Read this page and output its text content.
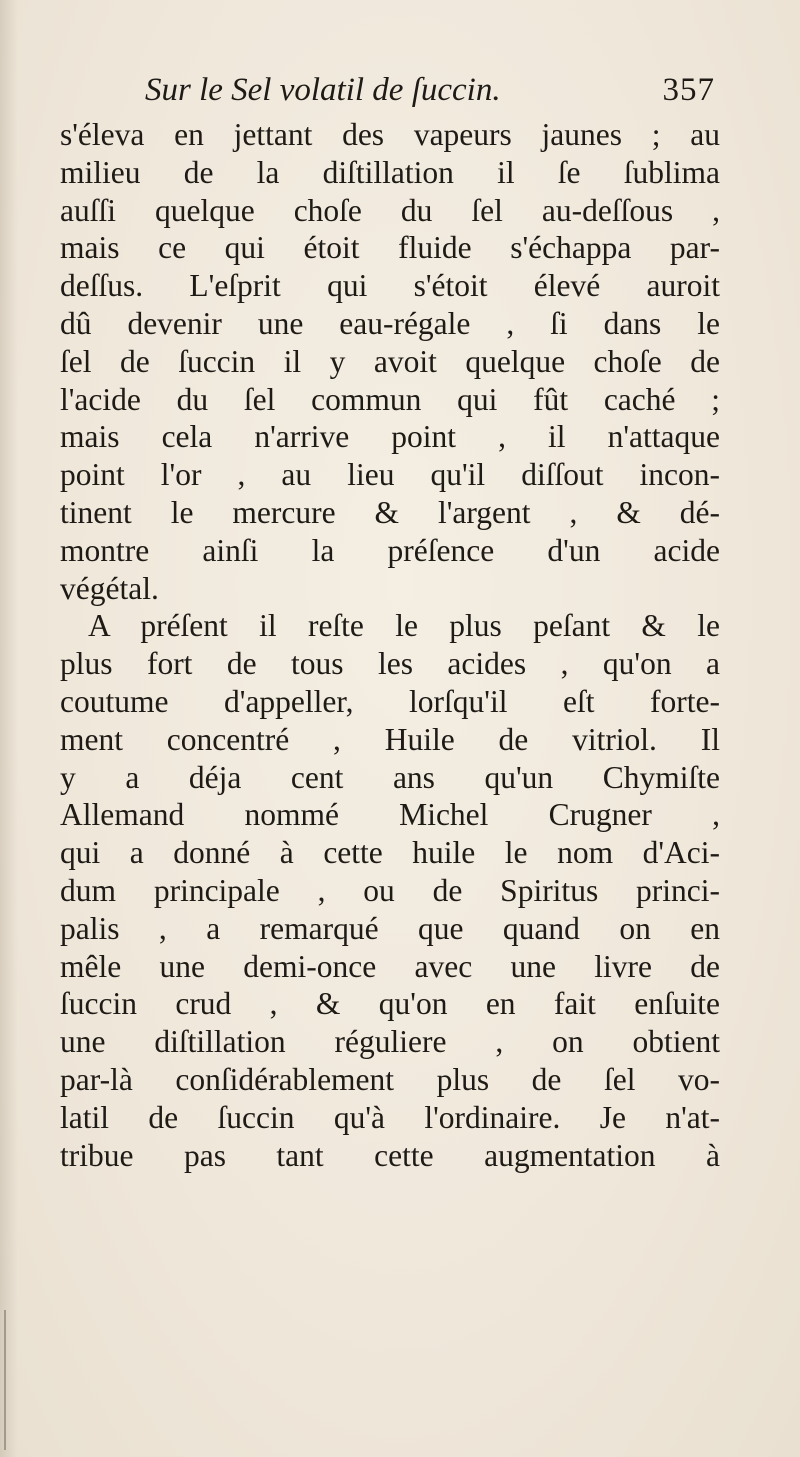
Sur le Sel volatil de ſuccin.	357
s'éleva en jettant des vapeurs jaunes ; au
milieu de la diſtillation il ſe ſublima
auſſi quelque choſe du ſel au-deſſous ,
mais ce qui étoit fluide s'échappa par-
deſſus. L'eſprit qui s'étoit élevé auroit
dû devenir une eau-régale , ſi dans le
ſel de ſuccin il y avoit quelque choſe de
l'acide du ſel commun qui fût caché ;
mais cela n'arrive point , il n'attaque
point l'or , au lieu qu'il diſſout incon-
tinent le mercure & l'argent , & dé-
montre ainſi la préſence d'un acide
végétal.
A préſent il reſte le plus peſant & le
plus fort de tous les acides , qu'on a
coutume d'appeller, lorſqu'il eſt forte-
ment concentré , Huile de vitriol. Il
y a déja cent ans qu'un Chymiſte
Allemand nommé Michel Crugner ,
qui a donné à cette huile le nom d'Aci-
dum principale , ou de Spiritus princi-
palis , a remarqué que quand on en
mêle une demi-once avec une livre de
ſuccin crud , & qu'on en fait enſuite
une diſtillation réguliere , on obtient
par-là conſidérablement plus de ſel vo-
latil de ſuccin qu'à l'ordinaire. Je n'at-
tribue pas tant cette augmentation à
